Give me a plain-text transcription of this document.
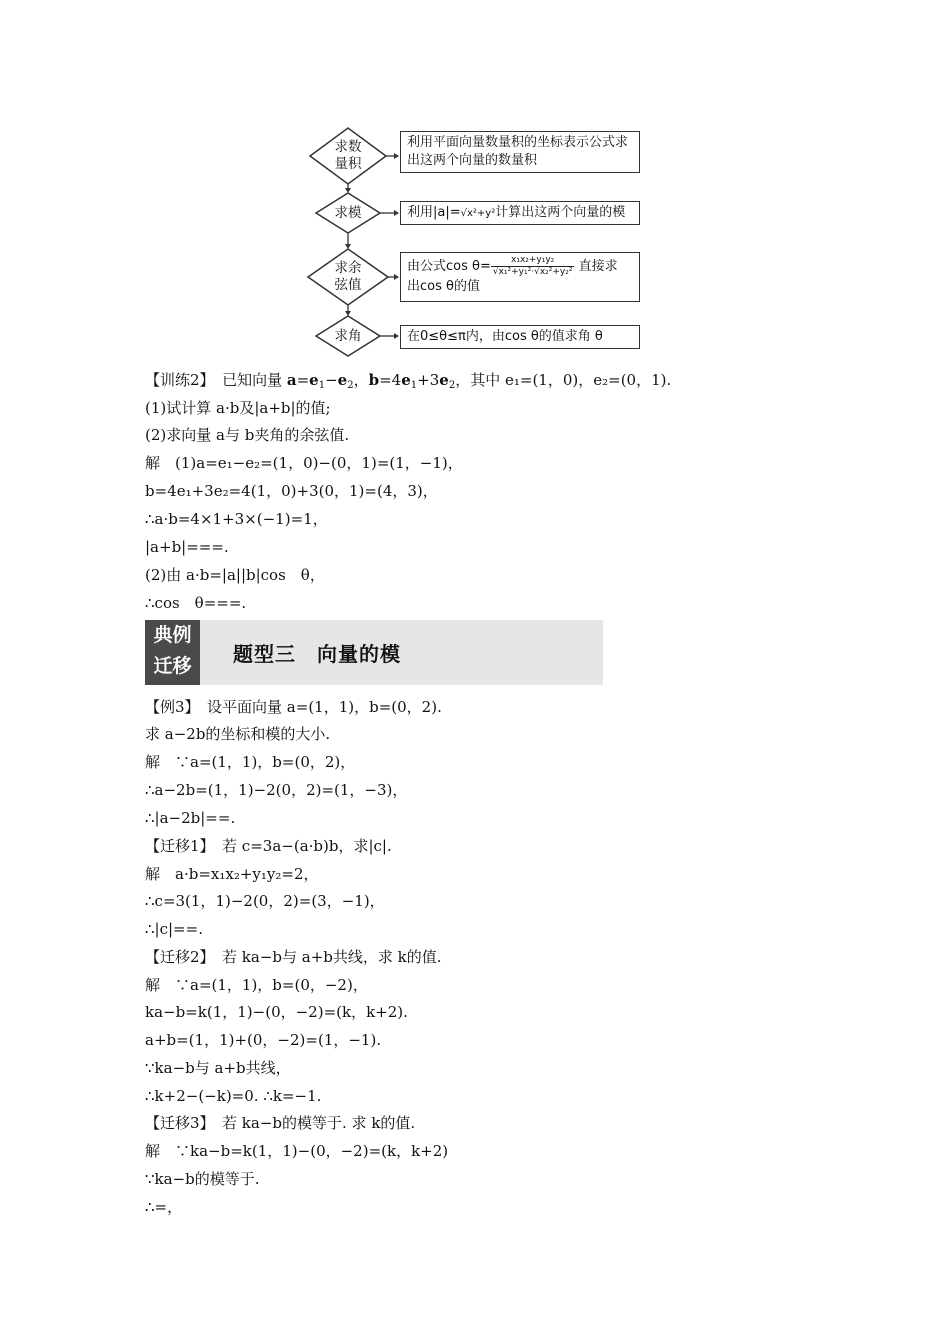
求数
量积
求模
求余
弦值
求角
利用平面向量数量积的坐标表示公式求
出这两个向量的数量积
利用|a|=√x²+y²计算出这两个向量的模
由公式$\cos \theta= \frac{\text{x₁x₂+y₁y₂}}{\text{√x₁²+y₁²·√x₂²+y₂²}}$ 直接求
出cos θ的值
在0≤θ≤π内，由cos θ的值求角 θ
【训练2】　 已知向量 $a=e_1-e_2$，$b=4e_1+3e_2$，其中 e₁=(1，0)，e₂=(0，1).
(1)试计算 a·b及|a+b|的值;
(2)求向量 a与 b夹角的余弦值.
解　(1)a=e₁−e₂=(1，0)−(0，1)=(1，−1)，
b=4e₁+3e₂=4(1，0)+3(0，1)=(4，3)，
∴a·b=4×1+3×(−1)=1，
|a+b|===.
(2)由 a·b=|a||b|cos　θ，
∴cos　θ===.
典例
迁移	题型三　向量的模
【例3】　设平面向量 a=(1，1)，b=(0，2).
求 a−2b的坐标和模的大小.
解　∵a=(1，1)，b=(0，2)，
∴a−2b=(1，1)−2(0，2)=(1，−3)，
∴|a−2b|==.
【迁移1】　若 c=3a−(a·b)b，求|c|.
解　a·b=x₁x₂+y₁y₂=2，
∴c=3(1，1)−2(0，2)=(3，−1)，
∴|c|==.
【迁移2】　若 ka−b与 a+b共线，求 k的值.
解　∵a=(1，1)，b=(0，−2)，
ka−b=k(1，1)−(0，−2)=(k，k+2).
a+b=(1，1)+(0，−2)=(1，−1).
∵ka−b与 a+b共线，
∴k+2−(−k)=0. ∴k=−1.
【迁移3】　若 ka−b的模等于. 求 k的值.
解　∵ka−b=k(1，1)−(0，−2)=(k，k+2)
∵ka−b的模等于.
∴=，
